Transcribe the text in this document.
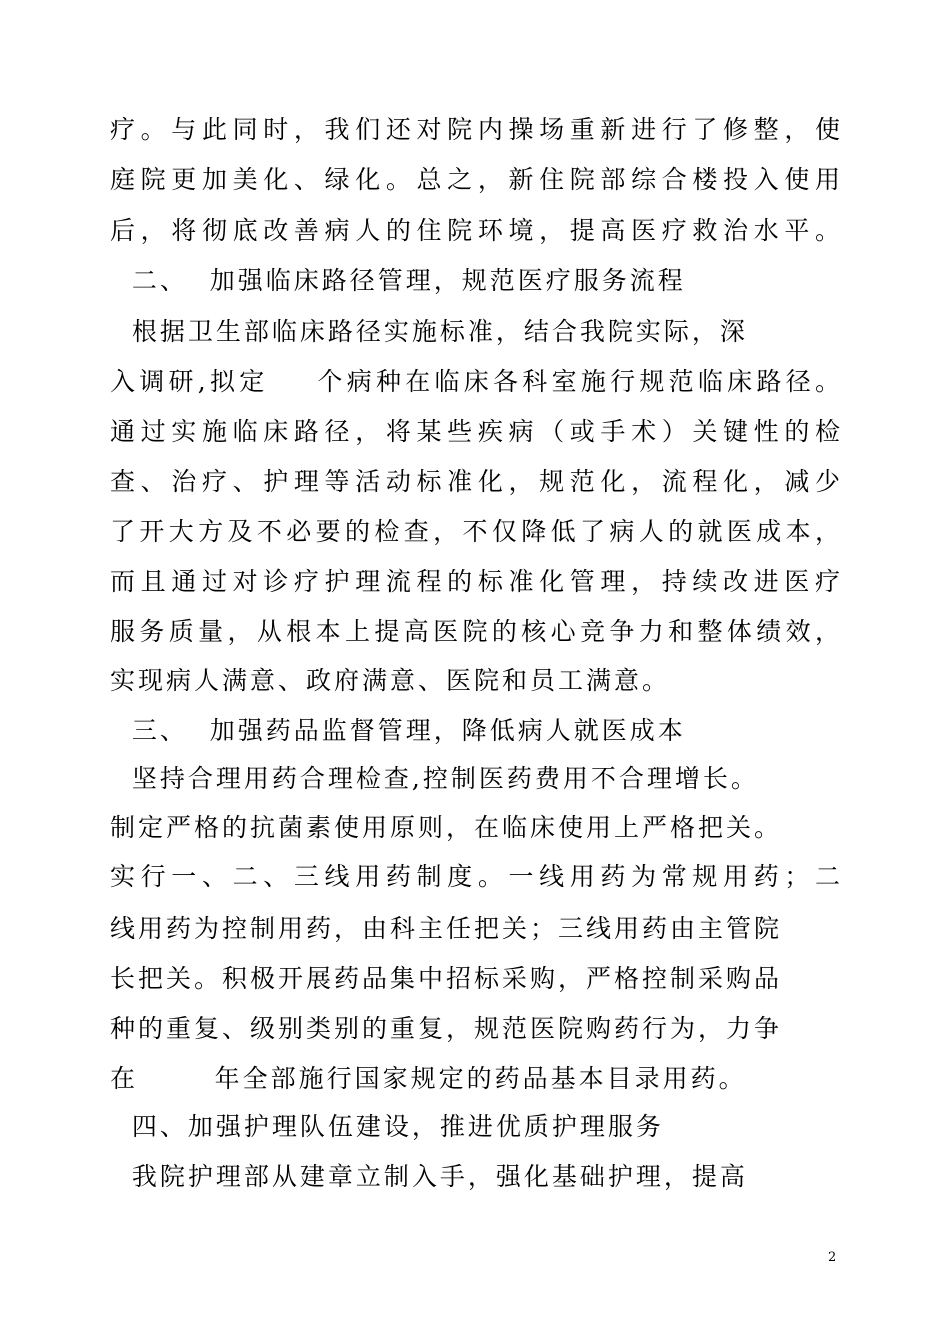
疗。与此同时，我们还对院内操场重新进行了修整，使
庭院更加美化、绿化。总之，新住院部综合楼投入使用
后，将彻底改善病人的住院环境，提高医疗救治水平。
二、  加强临床路径管理，规范医疗服务流程
根据卫生部临床路径实施标准，结合我院实际，深
入调研,拟定    个病种在临床各科室施行规范临床路径。
通过实施临床路径，将某些疾病（或手术）关键性的检
查、治疗、护理等活动标准化，规范化，流程化，减少
了开大方及不必要的检查，不仅降低了病人的就医成本，
而且通过对诊疗护理流程的标准化管理，持续改进医疗
服务质量，从根本上提高医院的核心竞争力和整体绩效，
实现病人满意、政府满意、医院和员工满意。
三、  加强药品监督管理，降低病人就医成本
坚持合理用药合理检查,控制医药费用不合理增长。
制定严格的抗菌素使用原则，在临床使用上严格把关。
实行一、二、三线用药制度。一线用药为常规用药；二
线用药为控制用药，由科主任把关；三线用药由主管院
长把关。积极开展药品集中招标采购，严格控制采购品
种的重复、级别类别的重复，规范医院购药行为，力争
在       年全部施行国家规定的药品基本目录用药。
四、加强护理队伍建设，推进优质护理服务
我院护理部从建章立制入手，强化基础护理，提高
2
